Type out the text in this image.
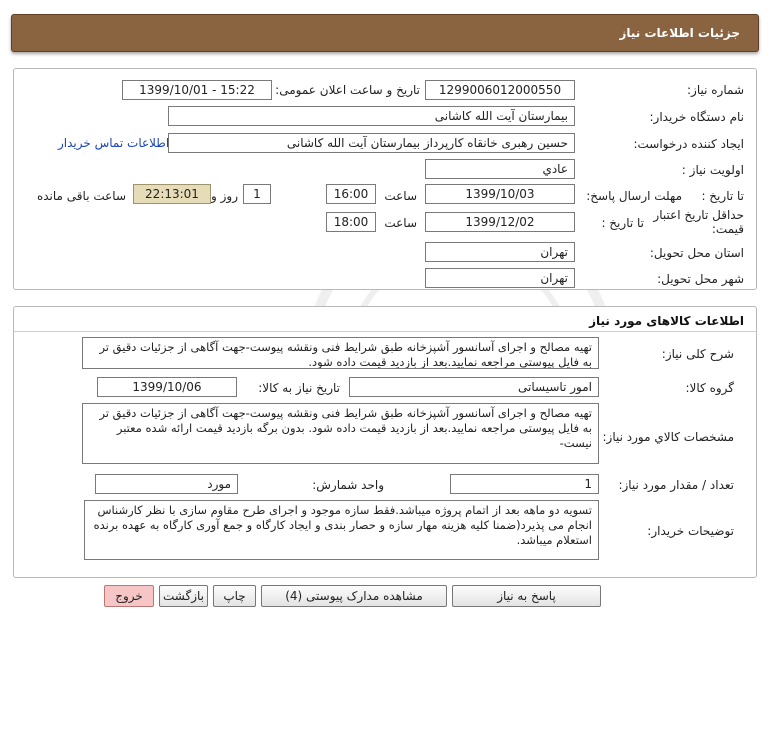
جزئیات اطلاعات نیاز
شماره نیاز:
1299006012000550
تاریخ و ساعت اعلان عمومی:
1399/10/01 - 15:22
نام دستگاه خریدار:
بیمارستان آیت الله کاشانی
ایجاد کننده درخواست:
حسین رهبری خانقاه کارپرداز بیمارستان آیت الله کاشانی
اطلاعات تماس خریدار
اولویت نیاز :
عادي
مهلت ارسال پاسخ: تا تاریخ :
1399/10/03
ساعت
16:00
1
روز و
22:13:01
ساعت باقی مانده
حداقل تاریخ اعتبار قیمت:
تا تاریخ :
1399/12/02
ساعت
18:00
استان محل تحویل:
تهران
شهر محل تحویل:
تهران
اطلاعات کالاهای مورد نیاز
شرح کلی نیاز:
تهیه مصالح و اجرای آسانسور آشپزخانه طبق شرایط فنی ونقشه پیوست-جهت آگاهی از جزئیات دقیق تر به فایل پیوستی مراجعه نمایید.بعد از بازدید قیمت داده شود.
گروه کالا:
امور تاسیساتی
تاریخ نیاز به کالا:
1399/10/06
مشخصات کالاي مورد نیاز:
تهیه مصالح و اجرای آسانسور آشپزخانه طبق شرایط فنی ونقشه پیوست-جهت آگاهی از جزئیات دقیق تر به فایل پیوستی مراجعه نمایید.بعد از بازدید قیمت داده شود. بدون برگه بازدید قیمت ارائه شده معتبر نیست-
تعداد / مقدار مورد نیاز:
1
واحد شمارش:
مورد
توضیحات خریدار:
تسویه دو ماهه بعد از اتمام پروژه میباشد.فقط سازه موجود و اجرای طرح مقاوم سازی با نظر کارشناس انجام می پذیرد(ضمنا کلیه هزینه مهار سازه و حصار بندی و ایجاد کارگاه و جمع آوری کارگاه به عهده برنده استعلام میباشد.
پاسخ به نیاز
مشاهده مدارک پیوستی (4)
چاپ
بازگشت
خروج
